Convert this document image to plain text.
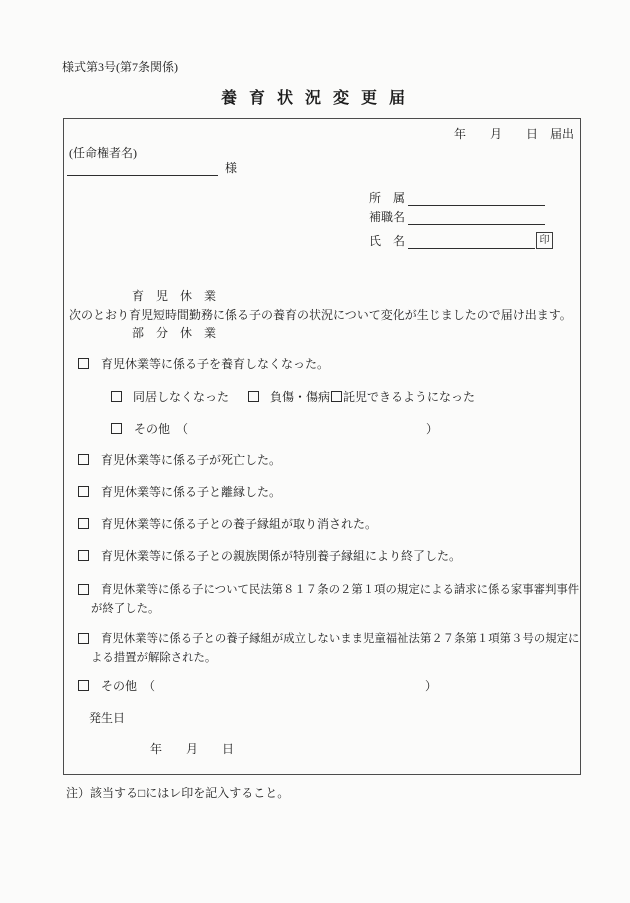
様式第3号(第7条関係)
養 育 状 況 変 更 届
年　　月　　日　届出
(任命権者名)
様
所　属
補職名
氏　名	印
育　児　休　業
次のとおり育児短時間勤務に係る子の養育の状況について変化が生じましたので届け出ます。
部　分　休　業
育児休業等に係る子を養育しなくなった。
同居しなくなった	負傷・傷病	託児できるようになった
その他　（	）
育児休業等に係る子が死亡した。
育児休業等に係る子と離縁した。
育児休業等に係る子との養子縁組が取り消された。
育児休業等に係る子との親族関係が特別養子縁組により終了した。
育児休業等に係る子について民法第８１７条の２第１項の規定による請求に係る家事審判事件
が終了した。
育児休業等に係る子との養子縁組が成立しないまま児童福祉法第２７条第１項第３号の規定に
よる措置が解除された。
その他　（	）
発生日
年　　月　　日
注）該当する□にはレ印を記入すること。
